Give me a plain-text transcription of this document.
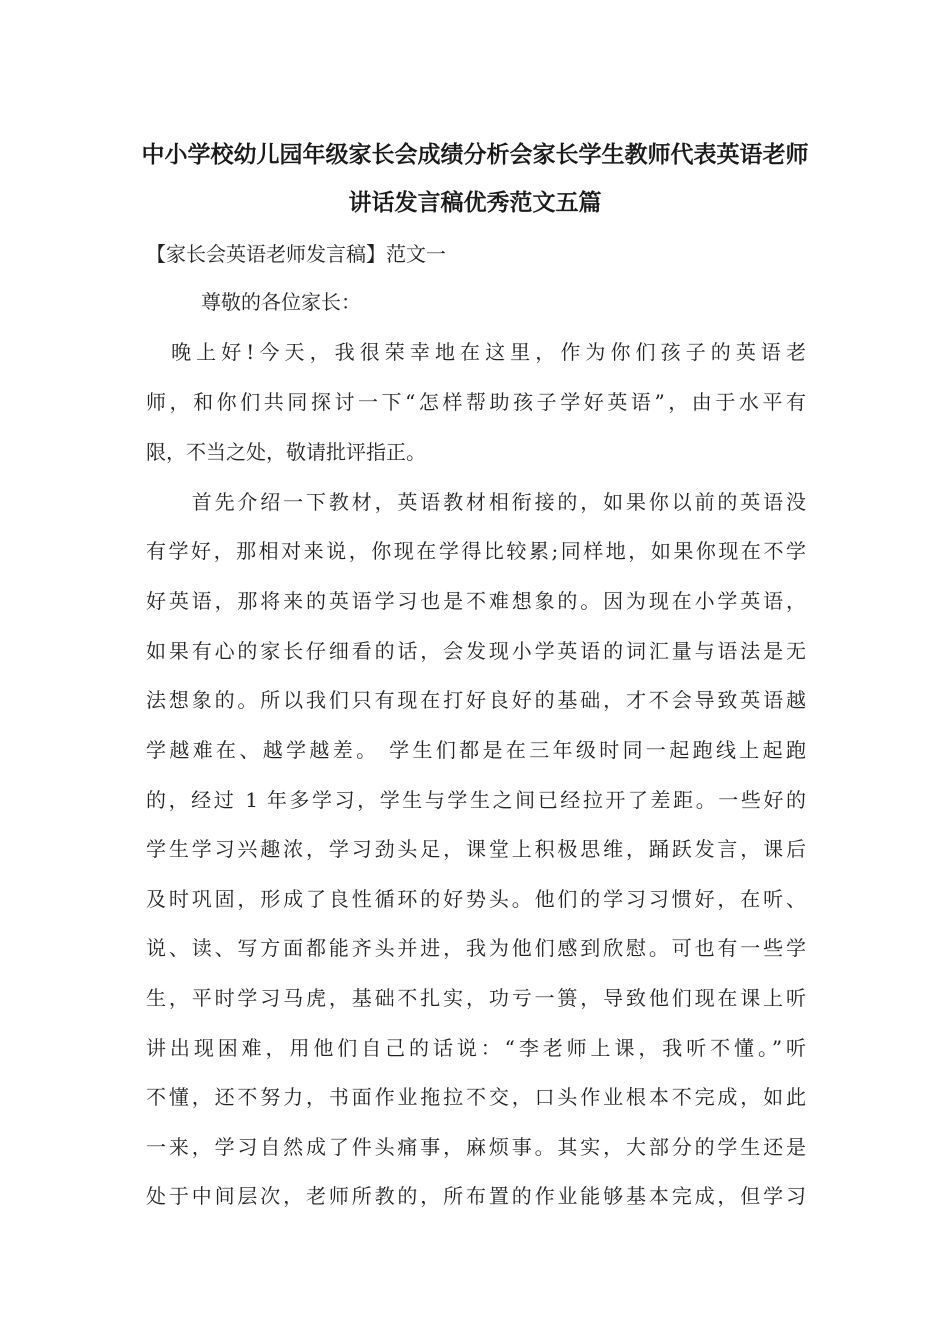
中小学校幼儿园年级家长会成绩分析会家长学生教师代表英语老师
讲话发言稿优秀范文五篇
【家长会英语老师发言稿】范文一
尊敬的各位家长：
　晚上好!今天，我很荣幸地在这里，作为你们孩子的英语老
师，和你们共同探讨一下“怎样帮助孩子学好英语”，由于水平有
限，不当之处，敬请批评指正。
　　首先介绍一下教材，英语教材相衔接的，如果你以前的英语没
有学好，那相对来说，你现在学得比较累;同样地，如果你现在不学
好英语，那将来的英语学习也是不难想象的。因为现在小学英语，
如果有心的家长仔细看的话，会发现小学英语的词汇量与语法是无
法想象的。所以我们只有现在打好良好的基础，才不会导致英语越
学越难在、越学越差。 学生们都是在三年级时同一起跑线上起跑
的，经过 1 年多学习，学生与学生之间已经拉开了差距。一些好的
学生学习兴趣浓，学习劲头足，课堂上积极思维，踊跃发言，课后
及时巩固，形成了良性循环的好势头。他们的学习习惯好，在听、
说、读、写方面都能齐头并进，我为他们感到欣慰。可也有一些学
生，平时学习马虎，基础不扎实，功亏一篑，导致他们现在课上听
讲出现困难，用他们自己的话说：“李老师上课，我听不懂。”听
不懂，还不努力，书面作业拖拉不交，口头作业根本不完成，如此
一来，学习自然成了件头痛事，麻烦事。其实，大部分的学生还是
处于中间层次，老师所教的，所布置的作业能够基本完成，但学习
